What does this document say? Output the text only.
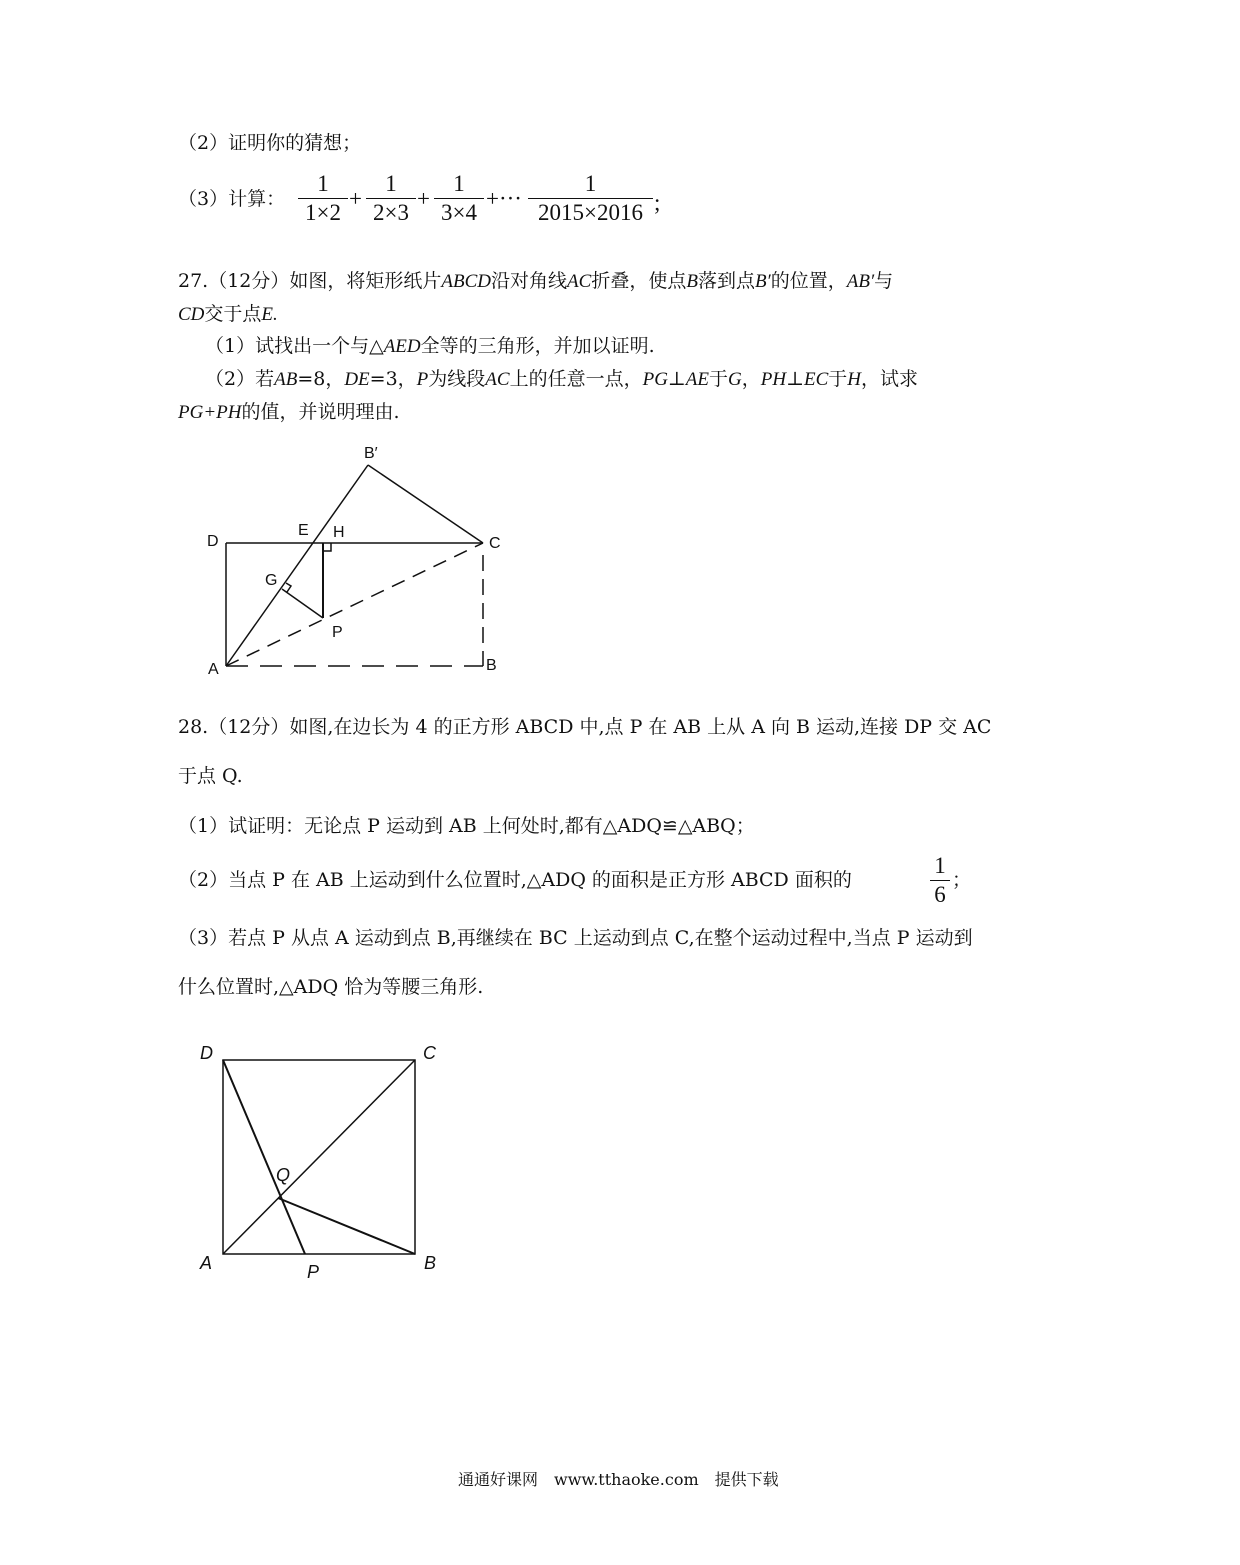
（2）证明你的猜想；
（3）计算：
1
1×2
+
1
2×3
+
1
3×4
+···
1
2015×2016 ;
27.（12分）如图，将矩形纸片ABCD沿对角线AC折叠，使点B落到点B′的位置，AB′与
CD交于点E.
（1）试找出一个与△AED全等的三角形，并加以证明.
（2）若AB=8，DE=3，P为线段AC上的任意一点，PG⊥AE于G，PH⊥EC于H，试求
PG+PH的值，并说明理由.
B′
D
E H
C
G
P
A	B
D	C
Q
A	P	B
28.（12分）如图,在边长为 4 的正方形 ABCD 中,点 P 在 AB 上从 A 向 B 运动,连接 DP 交 AC
于点 Q.
（1）试证明：无论点 P 运动到 AB 上何处时,都有△ADQ≌△ABQ；
（2）当点 P 在 AB 上运动到什么位置时,△ADQ 的面积是正方形 ABCD 面积的
1
6
；
（3）若点 P 从点 A 运动到点 B,再继续在 BC 上运动到点 C,在整个运动过程中,当点 P 运动到
什么位置时,△ADQ 恰为等腰三角形.
通通好课网　www.tthaoke.com　提供下载
